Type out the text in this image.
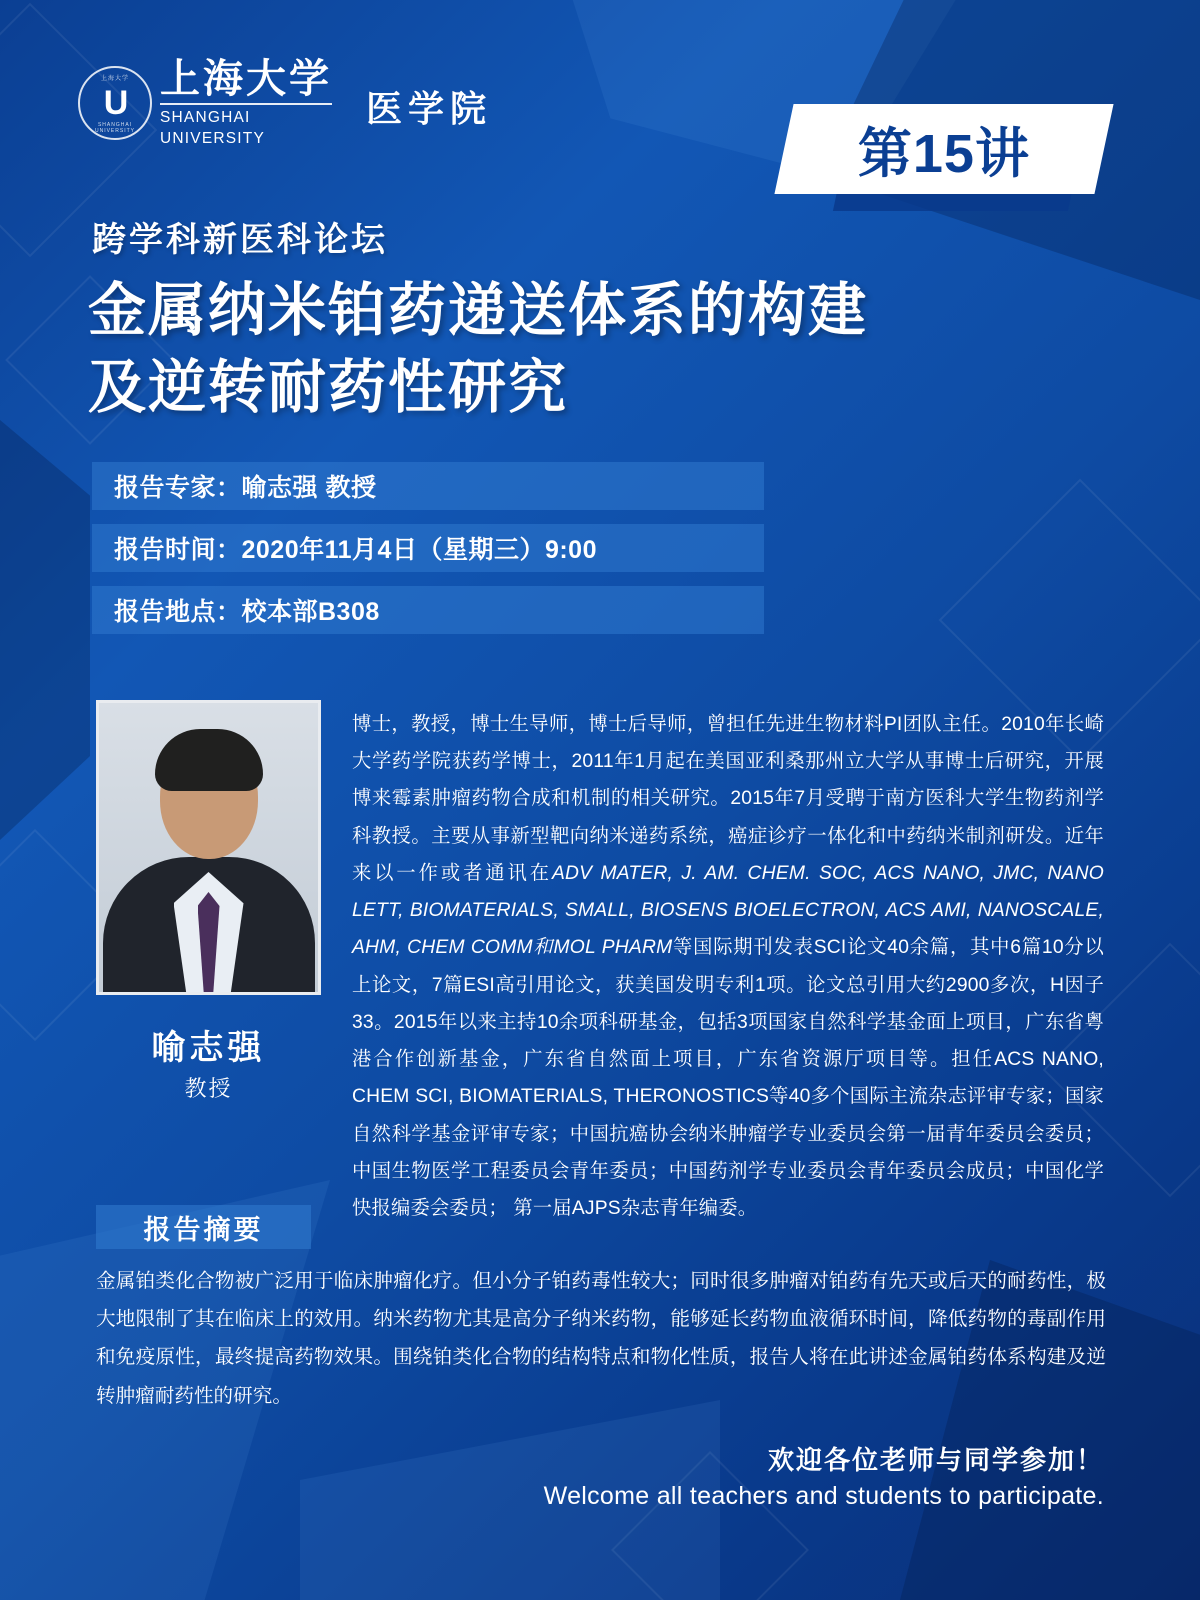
上海大学
U
SHANGHAI UNIVERSITY
上海大学
SHANGHAI
UNIVERSITY
医学院
第15讲
跨学科新医科论坛
金属纳米铂药递送体系的构建
及逆转耐药性研究
报告专家：喻志强 教授
报告时间：2020年11月4日（星期三）9:00
报告地点：校本部B308
喻志强
教授
博士，教授，博士生导师，博士后导师，曾担任先进生物材料PI团队主任。2010年长崎大学药学院获药学博士，2011年1月起在美国亚利桑那州立大学从事博士后研究，开展博来霉素肿瘤药物合成和机制的相关研究。2015年7月受聘于南方医科大学生物药剂学科教授。主要从事新型靶向纳米递药系统，癌症诊疗一体化和中药纳米制剂研发。近年来以一作或者通讯在ADV MATER, J. AM. CHEM. SOC, ACS NANO, JMC, NANO LETT, BIOMATERIALS, SMALL, BIOSENS BIOELECTRON, ACS AMI, NANOSCALE, AHM, CHEM COMM和MOL PHARM等国际期刊发表SCI论文40余篇，其中6篇10分以上论文，7篇ESI高引用论文，获美国发明专利1项。论文总引用大约2900多次，H因子33。2015年以来主持10余项科研基金，包括3项国家自然科学基金面上项目，广东省粤港合作创新基金，广东省自然面上项目，广东省资源厅项目等。担任ACS NANO, CHEM SCI, BIOMATERIALS, THERONOSTICS等40多个国际主流杂志评审专家；国家自然科学基金评审专家；中国抗癌协会纳米肿瘤学专业委员会第一届青年委员会委员；中国生物医学工程委员会青年委员；中国药剂学专业委员会青年委员会成员；中国化学快报编委会委员； 第一届AJPS杂志青年编委。
报告摘要
金属铂类化合物被广泛用于临床肿瘤化疗。但小分子铂药毒性较大；同时很多肿瘤对铂药有先天或后天的耐药性，极大地限制了其在临床上的效用。纳米药物尤其是高分子纳米药物，能够延长药物血液循环时间，降低药物的毒副作用和免疫原性，最终提高药物效果。围绕铂类化合物的结构特点和物化性质，报告人将在此讲述金属铂药体系构建及逆转肿瘤耐药性的研究。
欢迎各位老师与同学参加！
Welcome all teachers and students to participate.
